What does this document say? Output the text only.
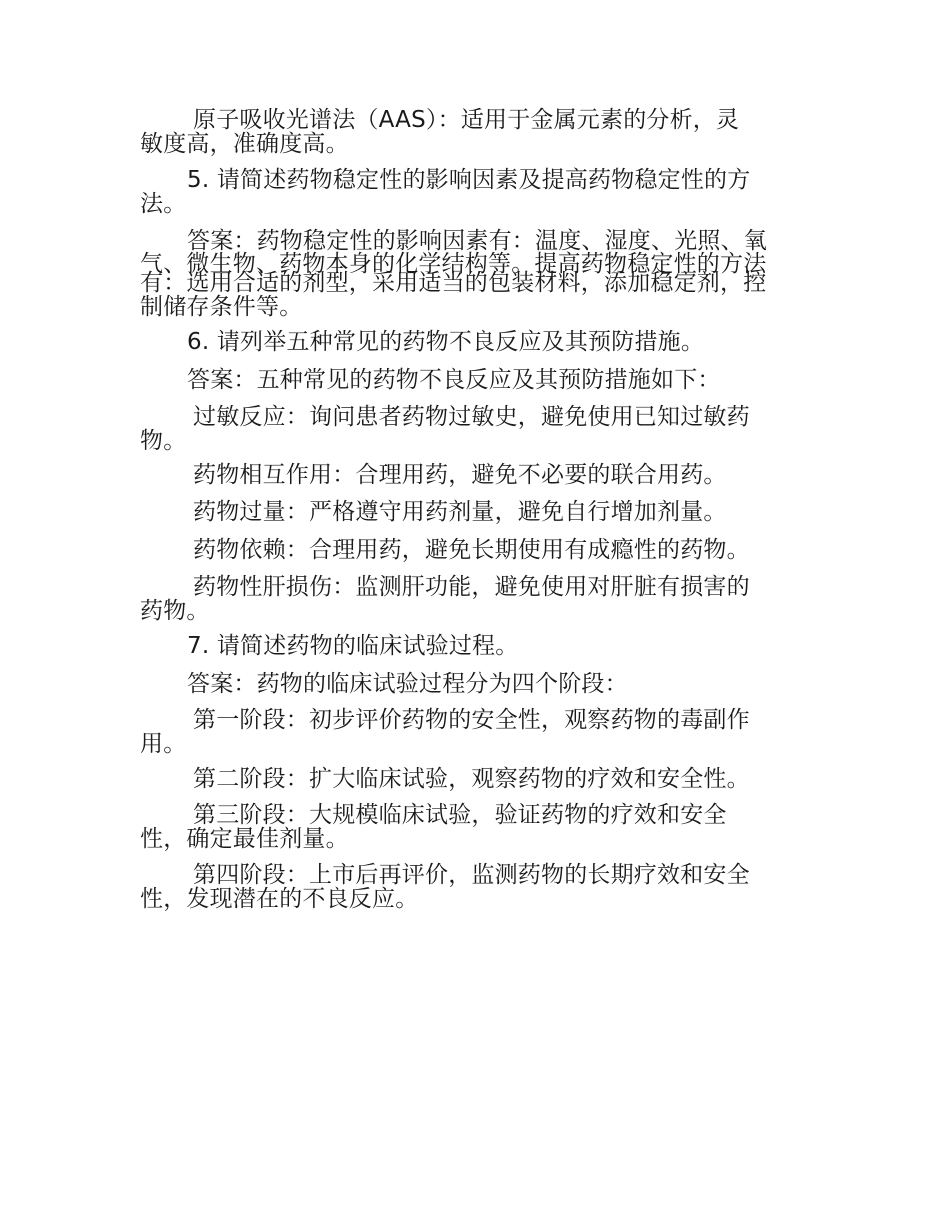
原子吸收光谱法（AAS）：适用于金属元素的分析，灵
敏度高，准确度高。
5. 请简述药物稳定性的影响因素及提高药物稳定性的方
法。
答案：药物稳定性的影响因素有：温度、湿度、光照、氧
气、微生物、药物本身的化学结构等。提高药物稳定性的方法
有：选用合适的剂型，采用适当的包装材料，添加稳定剂，控
制储存条件等。
6. 请列举五种常见的药物不良反应及其预防措施。
答案：五种常见的药物不良反应及其预防措施如下：
过敏反应：询问患者药物过敏史，避免使用已知过敏药
物。
药物相互作用：合理用药，避免不必要的联合用药。
药物过量：严格遵守用药剂量，避免自行增加剂量。
药物依赖：合理用药，避免长期使用有成瘾性的药物。
药物性肝损伤：监测肝功能，避免使用对肝脏有损害的
药物。
7. 请简述药物的临床试验过程。
答案：药物的临床试验过程分为四个阶段：
第一阶段：初步评价药物的安全性，观察药物的毒副作
用。
第二阶段：扩大临床试验，观察药物的疗效和安全性。
第三阶段：大规模临床试验，验证药物的疗效和安全
性，确定最佳剂量。
第四阶段：上市后再评价，监测药物的长期疗效和安全
性，发现潜在的不良反应。
